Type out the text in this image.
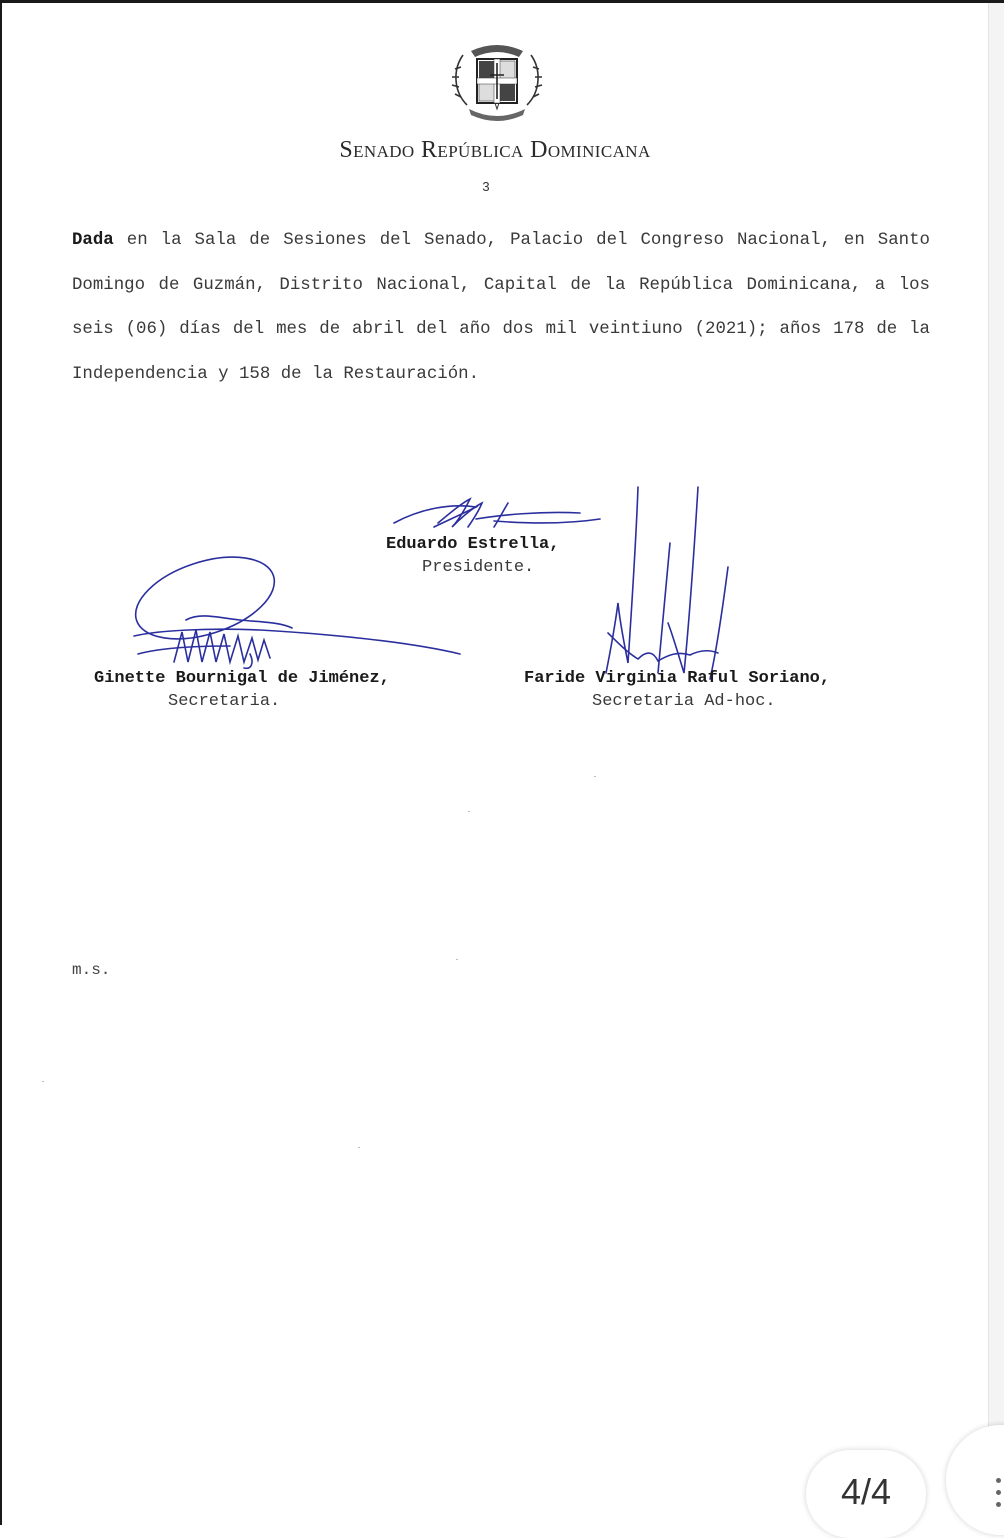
Senado República Dominicana
3
Dada en la Sala de Sesiones del Senado, Palacio del Congreso Nacional, en Santo Domingo de Guzmán, Distrito Nacional, Capital de la República Dominicana, a los seis (06) días del mes de abril del año dos mil veintiuno (2021); años 178 de la Independencia y 158 de la Restauración.
Eduardo Estrella,
Presidente.
Ginette Bournigal de Jiménez,
Secretaria.
Faride Virginia Raful Soriano,
Secretaria Ad-hoc.
m.s.
4/4
